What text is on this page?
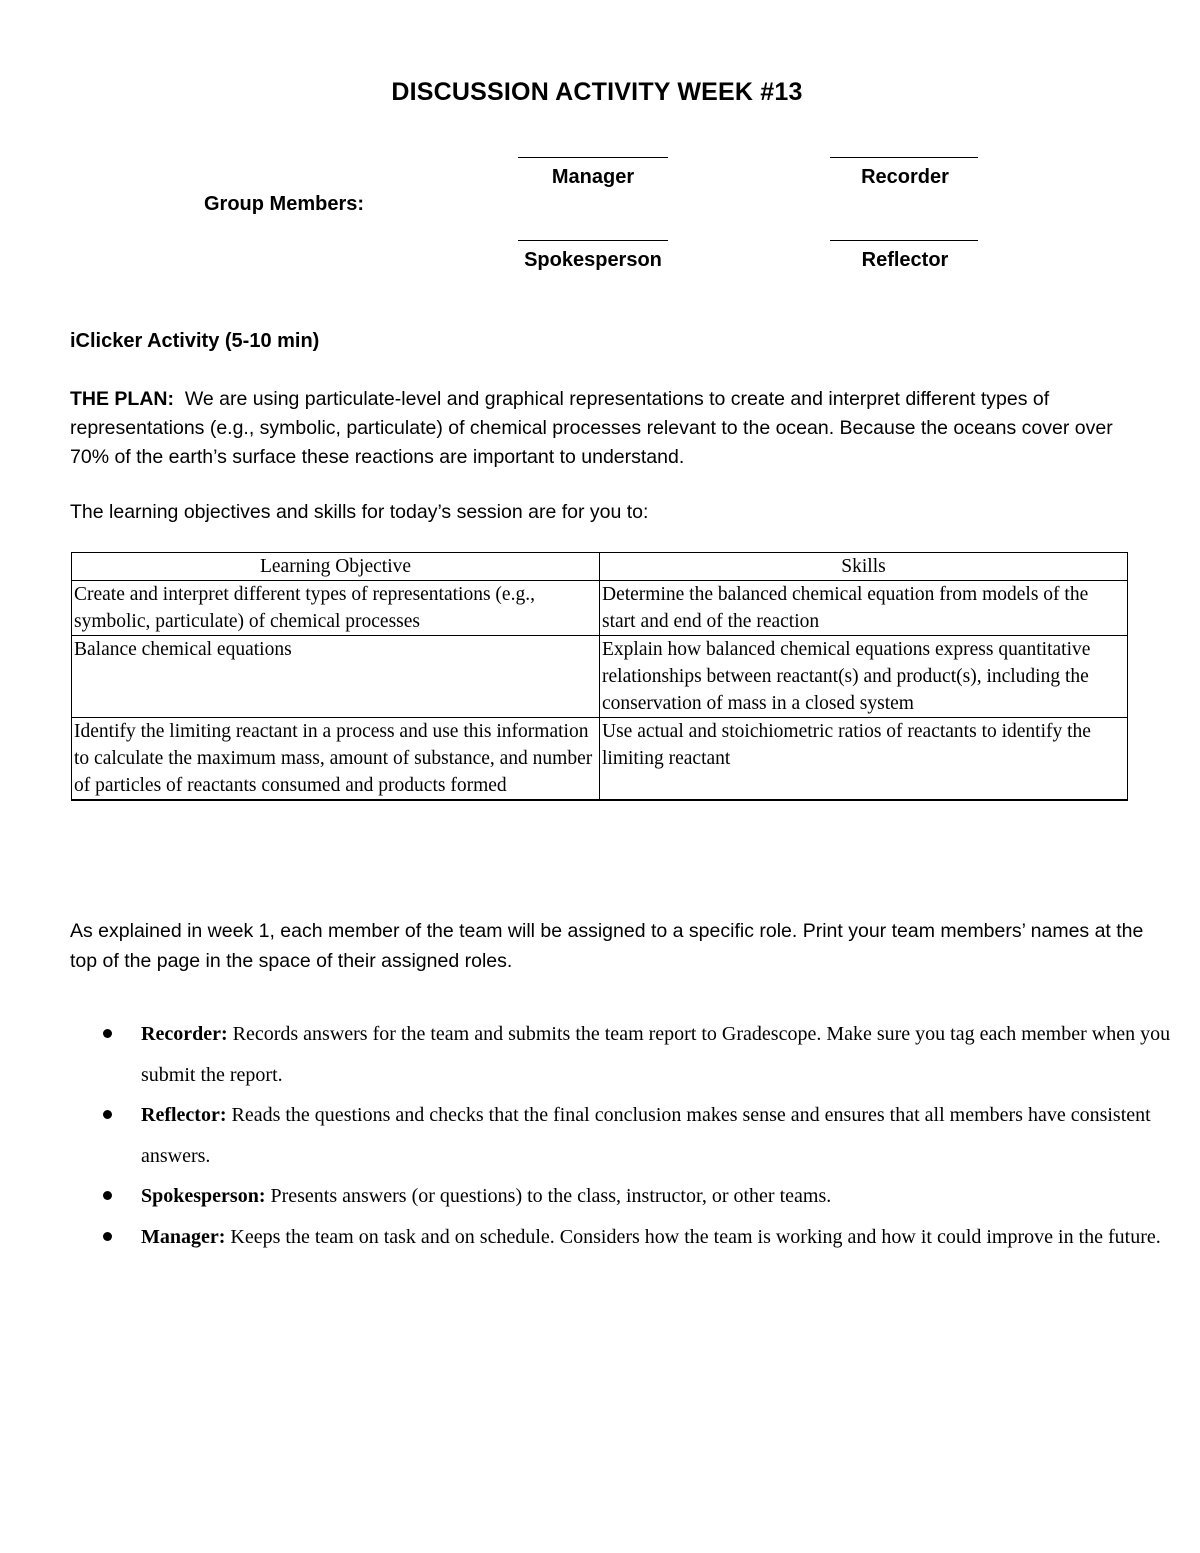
DISCUSSION ACTIVITY WEEK #13
Group Members:
Manager	Recorder
Spokesperson	Reflector
iClicker Activity (5-10 min)
THE PLAN: We are using particulate-level and graphical representations to create and interpret different types of representations (e.g., symbolic, particulate) of chemical processes relevant to the ocean. Because the oceans cover over 70% of the earth’s surface these reactions are important to understand.
The learning objectives and skills for today’s session are for you to:
Learning Objective	Skills
Create and interpret different types of representations (e.g., symbolic, particulate) of chemical processes	Determine the balanced chemical equation from models of the start and end of the reaction
Balance chemical equations	Explain how balanced chemical equations express quantitative relationships between reactant(s) and product(s), including the conservation of mass in a closed system
Identify the limiting reactant in a process and use this information to calculate the maximum mass, amount of substance, and number of particles of reactants consumed and products formed	Use actual and stoichiometric ratios of reactants to identify the limiting reactant
As explained in week 1, each member of the team will be assigned to a specific role. Print your team members’ names at the top of the page in the space of their assigned roles.
Recorder: Records answers for the team and submits the team report to Gradescope. Make sure you tag each member when you submit the report.
Reflector: Reads the questions and checks that the final conclusion makes sense and ensures that all members have consistent answers.
Spokesperson: Presents answers (or questions) to the class, instructor, or other teams.
Manager: Keeps the team on task and on schedule. Considers how the team is working and how it could improve in the future.
